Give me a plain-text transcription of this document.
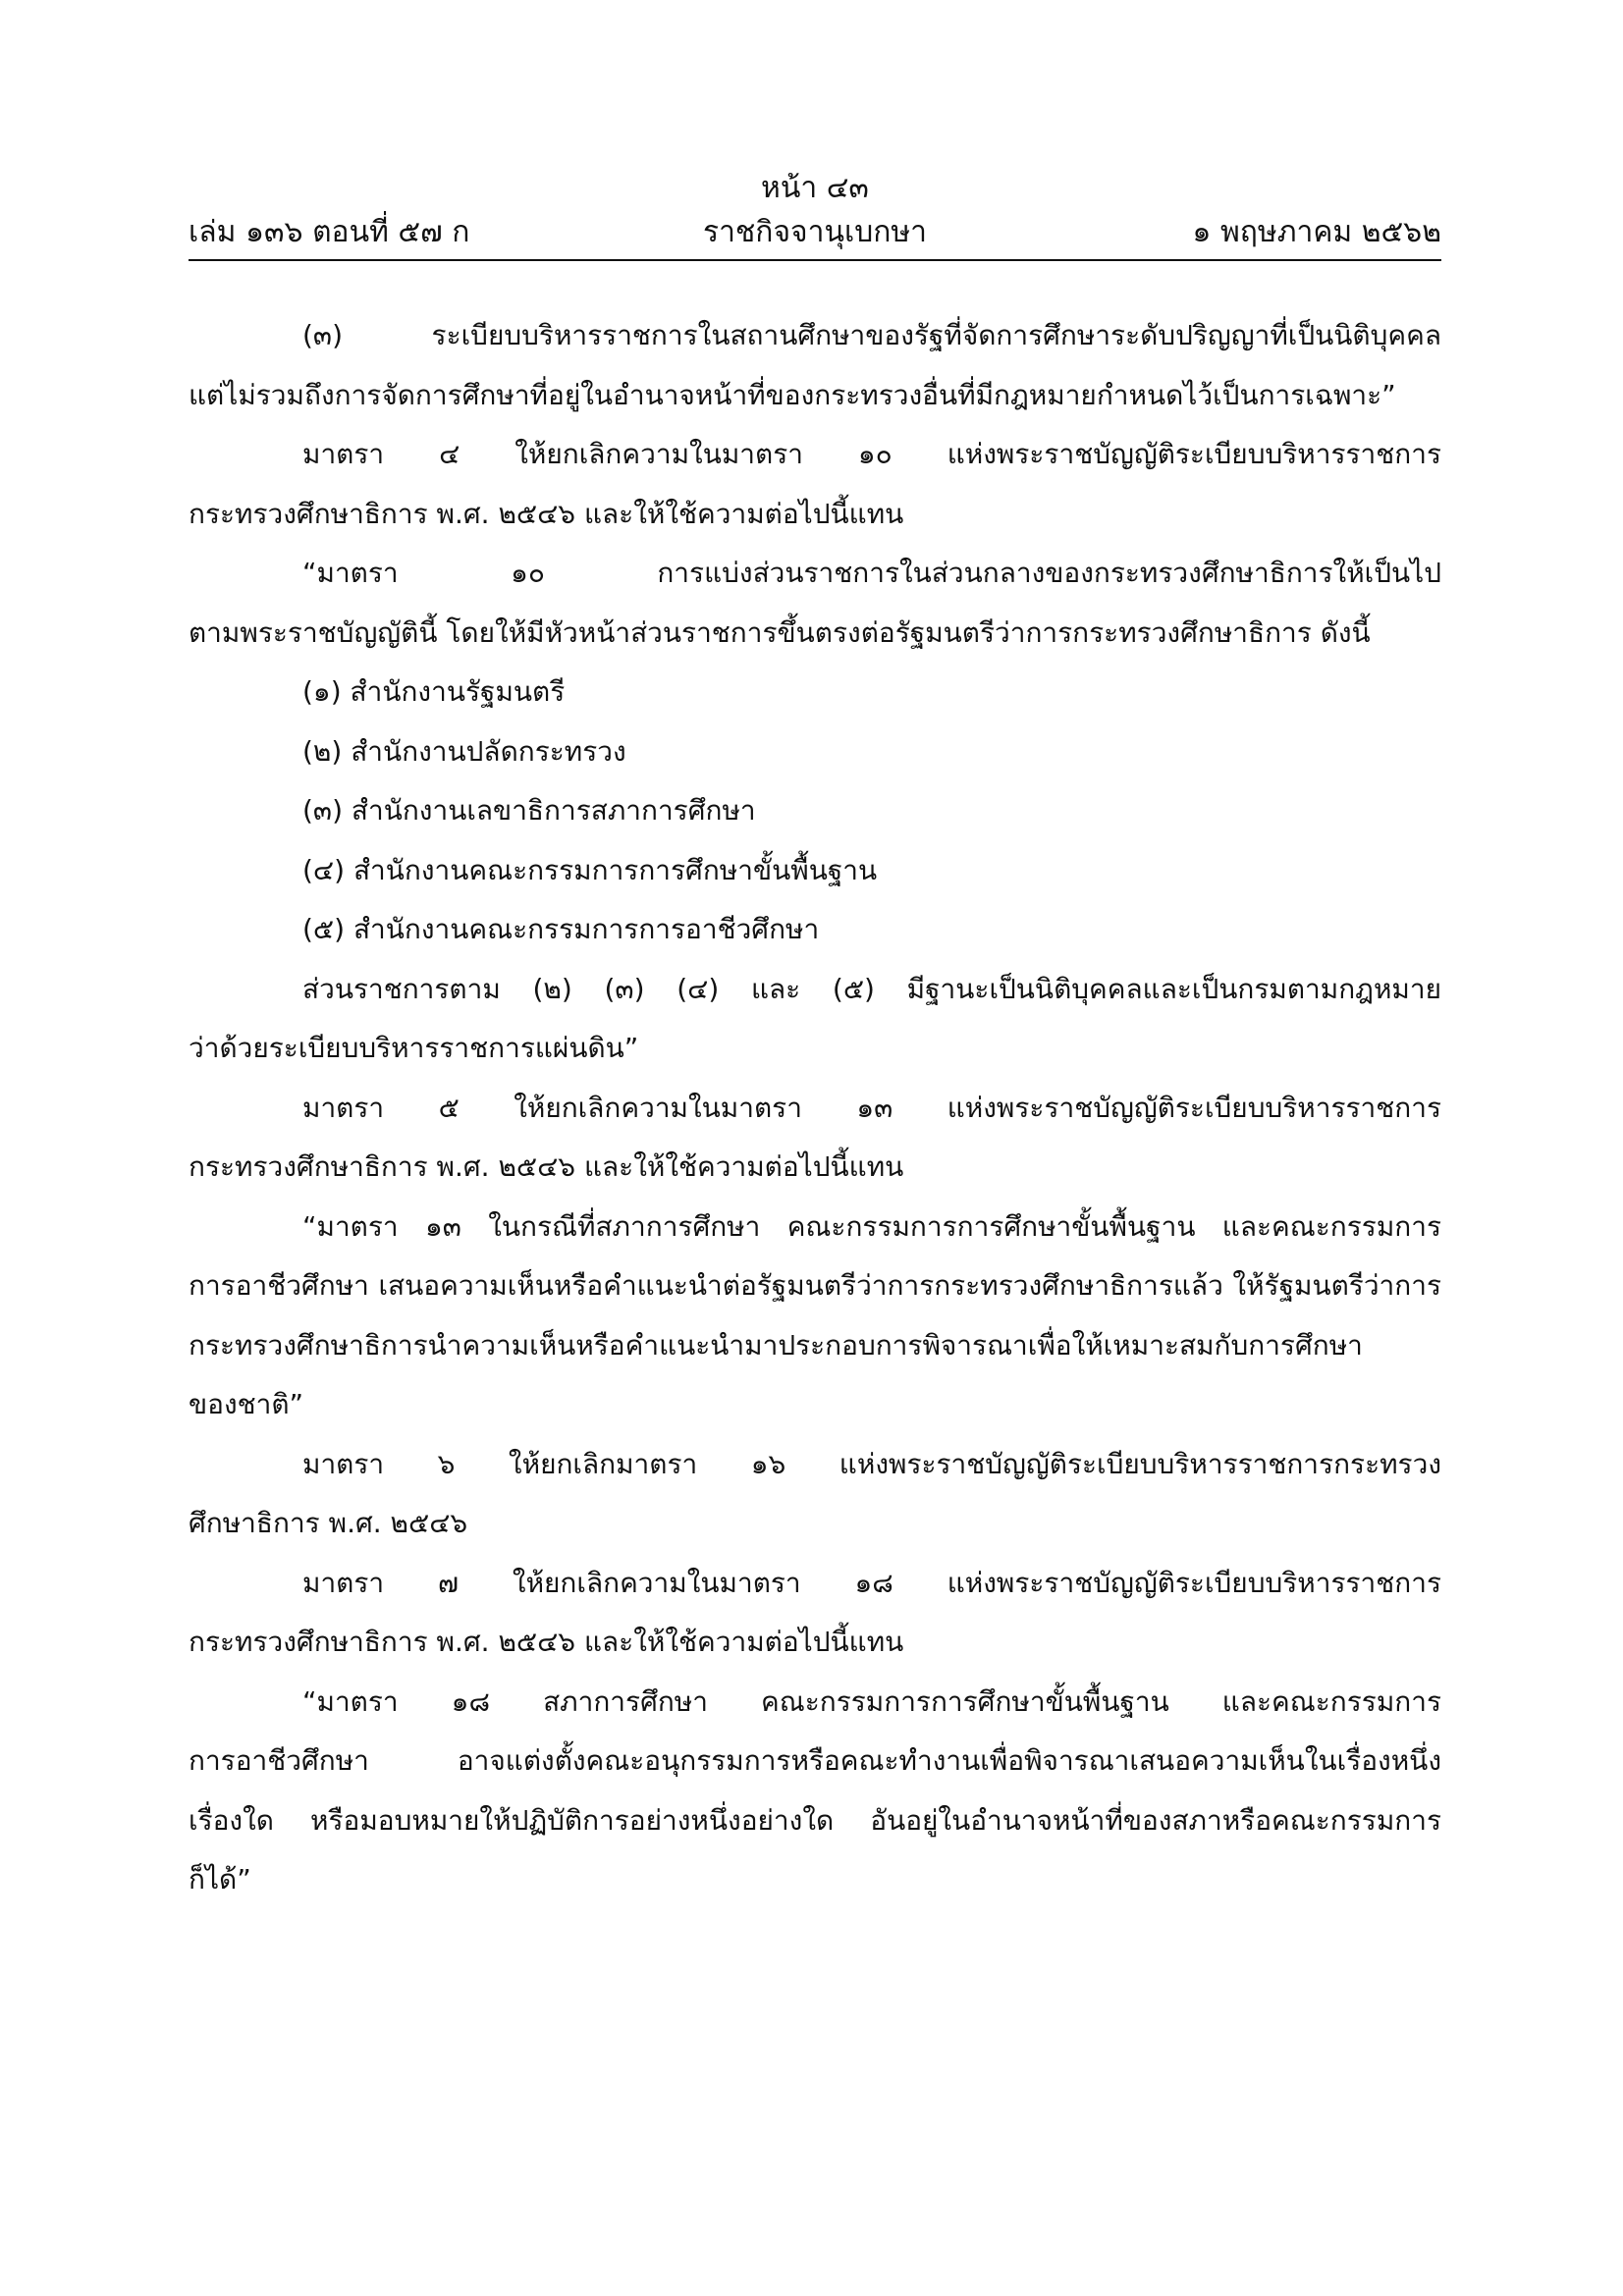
หน้า ๔๓
เล่ม ๑๓๖ ตอนที่ ๕๗ ก	ราชกิจจานุเบกษา	๑ พฤษภาคม ๒๕๖๒

(๓) ระเบียบบริหารราชการในสถานศึกษาของรัฐที่จัดการศึกษาระดับปริญญาที่เป็นนิติบุคคล

แต่ไม่รวมถึงการจัดการศึกษาที่อยู่ในอำนาจหน้าที่ของกระทรวงอื่นที่มีกฎหมายกำหนดไว้เป็นการเฉพาะ”

มาตรา ๔ ให้ยกเลิกความในมาตรา ๑๐ แห่งพระราชบัญญัติระเบียบบริหารราชการ

กระทรวงศึกษาธิการ พ.ศ. ๒๕๔๖ และให้ใช้ความต่อไปนี้แทน

“มาตรา ๑๐ การแบ่งส่วนราชการในส่วนกลางของกระทรวงศึกษาธิการให้เป็นไป

ตามพระราชบัญญัตินี้ โดยให้มีหัวหน้าส่วนราชการขึ้นตรงต่อรัฐมนตรีว่าการกระทรวงศึกษาธิการ ดังนี้

(๑) สำนักงานรัฐมนตรี

(๒) สำนักงานปลัดกระทรวง

(๓) สำนักงานเลขาธิการสภาการศึกษา

(๔) สำนักงานคณะกรรมการการศึกษาขั้นพื้นฐาน

(๕) สำนักงานคณะกรรมการการอาชีวศึกษา

ส่วนราชการตาม (๒) (๓) (๔) และ (๕) มีฐานะเป็นนิติบุคคลและเป็นกรมตามกฎหมาย

ว่าด้วยระเบียบบริหารราชการแผ่นดิน”

มาตรา ๕ ให้ยกเลิกความในมาตรา ๑๓ แห่งพระราชบัญญัติระเบียบบริหารราชการ

กระทรวงศึกษาธิการ พ.ศ. ๒๕๔๖ และให้ใช้ความต่อไปนี้แทน

“มาตรา ๑๓ ในกรณีที่สภาการศึกษา คณะกรรมการการศึกษาขั้นพื้นฐาน และคณะกรรมการ

การอาชีวศึกษา เสนอความเห็นหรือคำแนะนำต่อรัฐมนตรีว่าการกระทรวงศึกษาธิการแล้ว ให้รัฐมนตรีว่าการ

กระทรวงศึกษาธิการนำความเห็นหรือคำแนะนำมาประกอบการพิจารณาเพื่อให้เหมาะสมกับการศึกษา

ของชาติ”

มาตรา ๖ ให้ยกเลิกมาตรา ๑๖ แห่งพระราชบัญญัติระเบียบบริหารราชการกระทรวง

ศึกษาธิการ พ.ศ. ๒๕๔๖

มาตรา ๗ ให้ยกเลิกความในมาตรา ๑๘ แห่งพระราชบัญญัติระเบียบบริหารราชการ

กระทรวงศึกษาธิการ พ.ศ. ๒๕๔๖ และให้ใช้ความต่อไปนี้แทน

“มาตรา ๑๘ สภาการศึกษา คณะกรรมการการศึกษาขั้นพื้นฐาน และคณะกรรมการ

การอาชีวศึกษา อาจแต่งตั้งคณะอนุกรรมการหรือคณะทำงานเพื่อพิจารณาเสนอความเห็นในเรื่องหนึ่ง

เรื่องใด หรือมอบหมายให้ปฏิบัติการอย่างหนึ่งอย่างใด อันอยู่ในอำนาจหน้าที่ของสภาหรือคณะกรรมการ

ก็ได้”
